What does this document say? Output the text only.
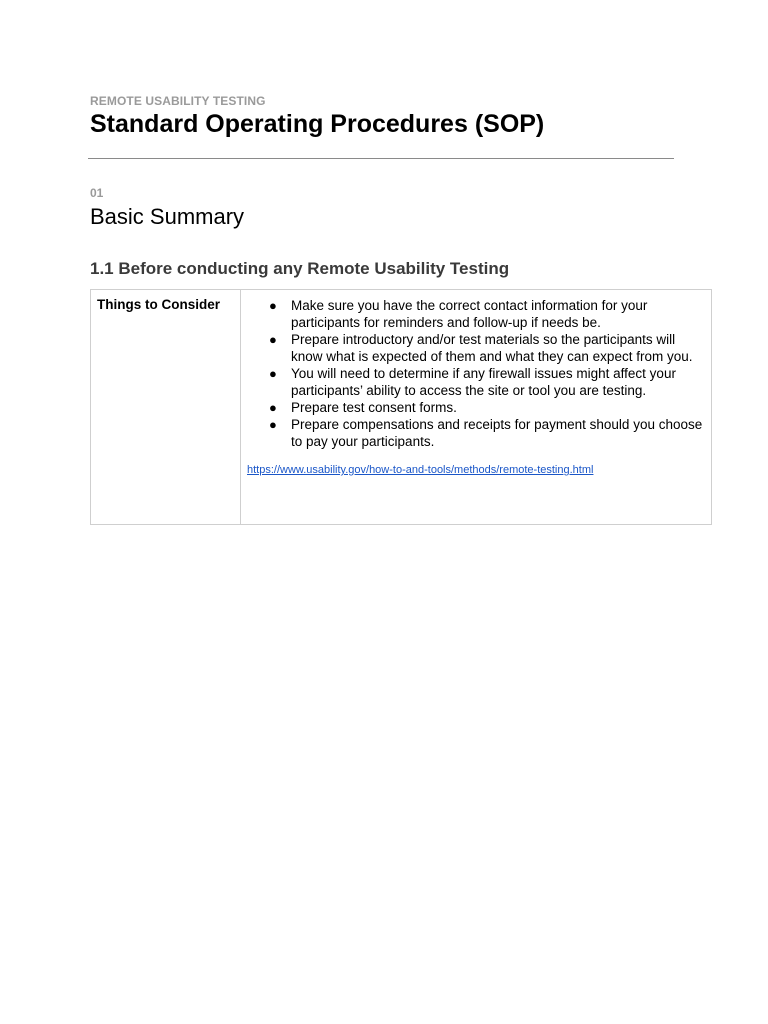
REMOTE USABILITY TESTING
Standard Operating Procedures (SOP)
01
Basic Summary
1.1 Before conducting any Remote Usability Testing
Things to Consider	● Make sure you have the correct contact information for your participants for reminders and follow-up if needs be.
● Prepare introductory and/or test materials so the participants will know what is expected of them and what they can expect from you.
● You will need to determine if any firewall issues might affect your participants’ ability to access the site or tool you are testing.
● Prepare test consent forms.
● Prepare compensations and receipts for payment should you choose to pay your participants.
https://www.usability.gov/how-to-and-tools/methods/remote-testing.html
